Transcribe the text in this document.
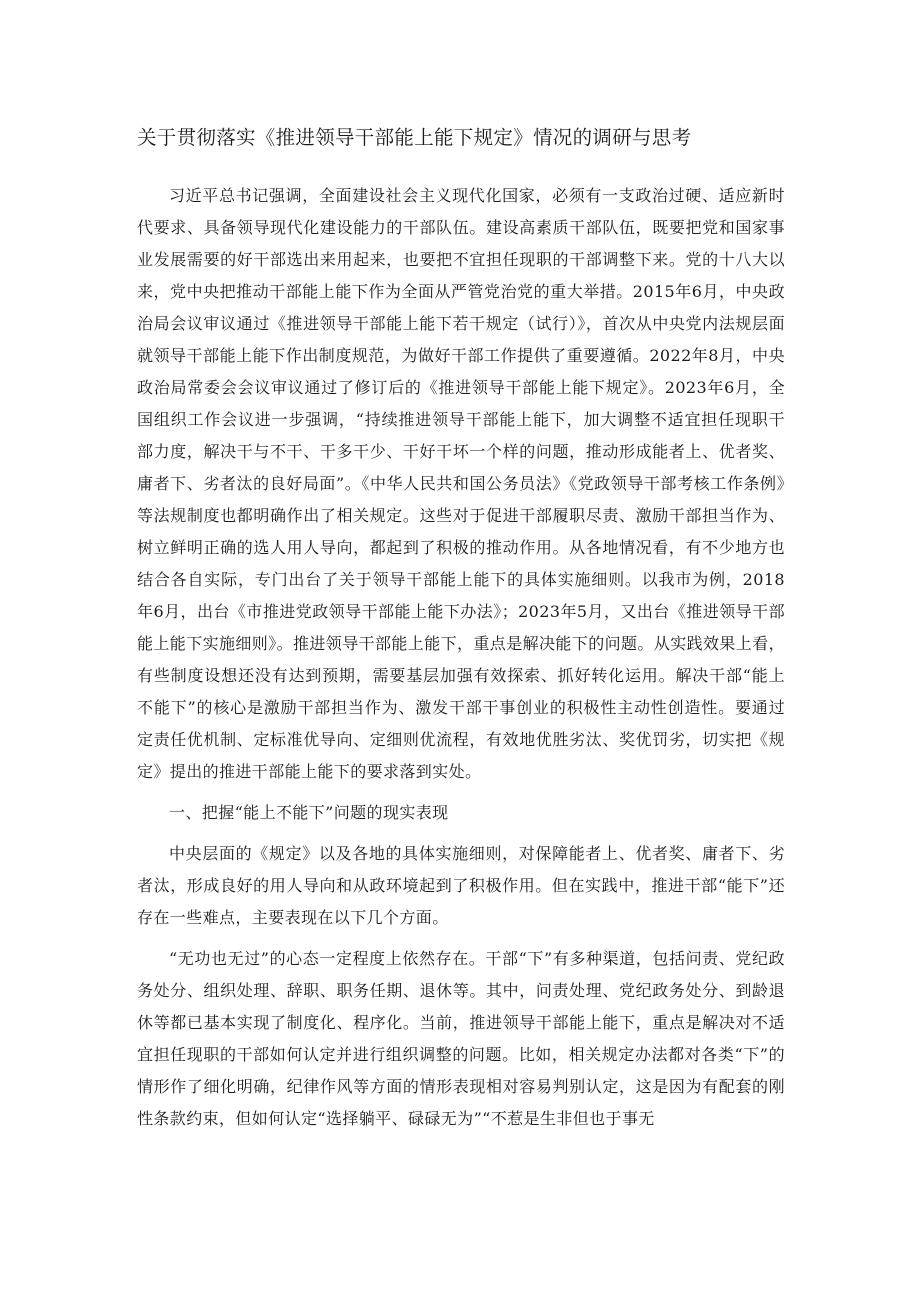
关于贯彻落实《推进领导干部能上能下规定》情况的调研与思考

习近平总书记强调，全面建设社会主义现代化国家，必须有一支政治过硬、适应新时代要求、具备领导现代化建设能力的干部队伍。建设高素质干部队伍，既要把党和国家事业发展需要的好干部选出来用起来，也要把不宜担任现职的干部调整下来。党的十八大以来，党中央把推动干部能上能下作为全面从严管党治党的重大举措。2015年6月，中央政治局会议审议通过《推进领导干部能上能下若干规定（试行）》，首次从中央党内法规层面就领导干部能上能下作出制度规范，为做好干部工作提供了重要遵循。2022年8月，中央政治局常委会会议审议通过了修订后的《推进领导干部能上能下规定》。2023年6月，全国组织工作会议进一步强调，“持续推进领导干部能上能下，加大调整不适宜担任现职干部力度，解决干与不干、干多干少、干好干坏一个样的问题，推动形成能者上、优者奖、庸者下、劣者汰的良好局面”。《中华人民共和国公务员法》《党政领导干部考核工作条例》等法规制度也都明确作出了相关规定。这些对于促进干部履职尽责、激励干部担当作为、树立鲜明正确的选人用人导向，都起到了积极的推动作用。从各地情况看，有不少地方也结合各自实际，专门出台了关于领导干部能上能下的具体实施细则。以我市为例，2018年6月，出台《市推进党政领导干部能上能下办法》；2023年5月，又出台《推进领导干部能上能下实施细则》。推进领导干部能上能下，重点是解决能下的问题。从实践效果上看，有些制度设想还没有达到预期，需要基层加强有效探索、抓好转化运用。解决干部“能上不能下”的核心是激励干部担当作为、激发干部干事创业的积极性主动性创造性。要通过定责任优机制、定标准优导向、定细则优流程，有效地优胜劣汰、奖优罚劣，切实把《规定》提出的推进干部能上能下的要求落到实处。

一、把握“能上不能下”问题的现实表现

中央层面的《规定》以及各地的具体实施细则，对保障能者上、优者奖、庸者下、劣者汰，形成良好的用人导向和从政环境起到了积极作用。但在实践中，推进干部“能下”还存在一些难点，主要表现在以下几个方面。

“无功也无过”的心态一定程度上依然存在。干部“下”有多种渠道，包括问责、党纪政务处分、组织处理、辞职、职务任期、退休等。其中，问责处理、党纪政务处分、到龄退休等都已基本实现了制度化、程序化。当前，推进领导干部能上能下，重点是解决对不适宜担任现职的干部如何认定并进行组织调整的问题。比如，相关规定办法都对各类“下”的情形作了细化明确，纪律作风等方面的情形表现相对容易判别认定，这是因为有配套的刚性条款约束，但如何认定“选择躺平、碌碌无为”“不惹是生非但也于事无
